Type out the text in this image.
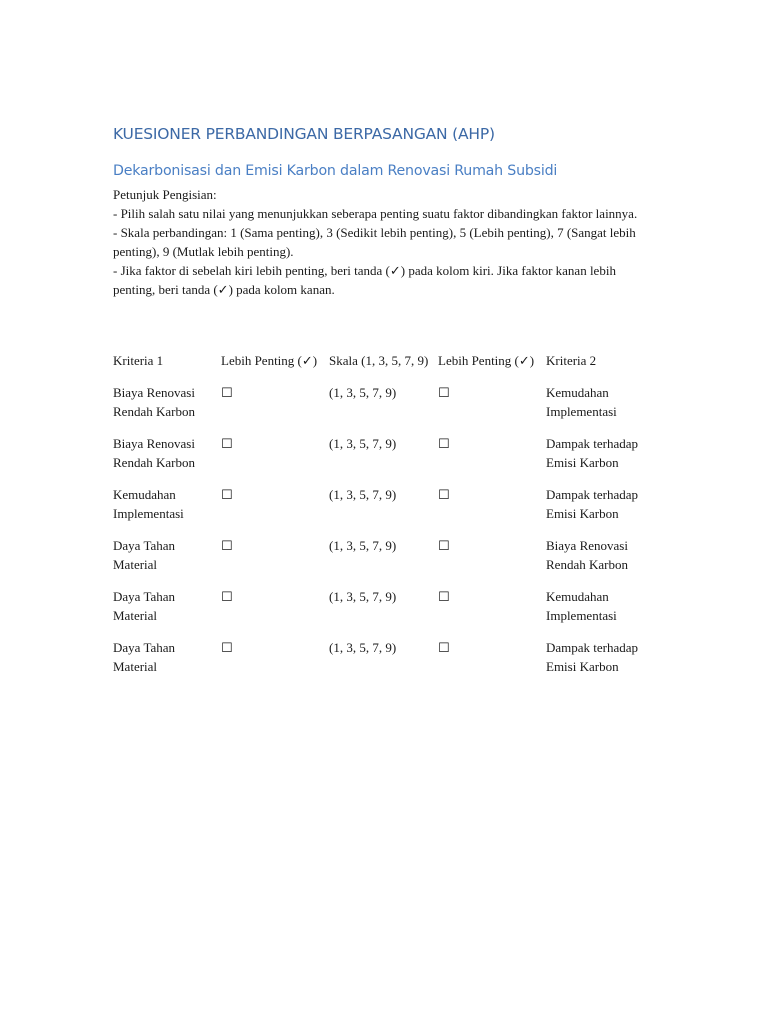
KUESIONER PERBANDINGAN BERPASANGAN (AHP)
Dekarbonisasi dan Emisi Karbon dalam Renovasi Rumah Subsidi
Petunjuk Pengisian:
- Pilih salah satu nilai yang menunjukkan seberapa penting suatu faktor dibandingkan faktor lainnya.
- Skala perbandingan: 1 (Sama penting), 3 (Sedikit lebih penting), 5 (Lebih penting), 7 (Sangat lebih penting), 9 (Mutlak lebih penting).
- Jika faktor di sebelah kiri lebih penting, beri tanda (✓) pada kolom kiri. Jika faktor kanan lebih penting, beri tanda (✓) pada kolom kanan.
Kriteria 1	Lebih Penting (✓)	Skala (1, 3, 5, 7, 9)	Lebih Penting (✓)	Kriteria 2
Biaya Renovasi Rendah Karbon	☐	(1, 3, 5, 7, 9)	☐	Kemudahan Implementasi
Biaya Renovasi Rendah Karbon	☐	(1, 3, 5, 7, 9)	☐	Dampak terhadap Emisi Karbon
Kemudahan Implementasi	☐	(1, 3, 5, 7, 9)	☐	Dampak terhadap Emisi Karbon
Daya Tahan Material	☐	(1, 3, 5, 7, 9)	☐	Biaya Renovasi Rendah Karbon
Daya Tahan Material	☐	(1, 3, 5, 7, 9)	☐	Kemudahan Implementasi
Daya Tahan Material	☐	(1, 3, 5, 7, 9)	☐	Dampak terhadap Emisi Karbon
